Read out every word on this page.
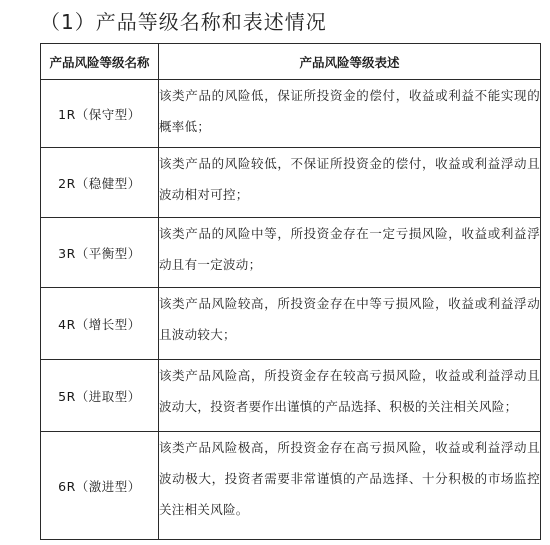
（1）产品等级名称和表述情况
产品风险等级名称	产品风险等级表述
1R（保守型）	该类产品的风险低，保证所投资金的偿付，收益或利益不能实现的概率低；
2R（稳健型）	该类产品的风险较低，不保证所投资金的偿付，收益或利益浮动且波动相对可控；
3R（平衡型）	该类产品的风险中等，所投资金存在一定亏损风险，收益或利益浮动且有一定波动；
4R（增长型）	该类产品风险较高，所投资金存在中等亏损风险，收益或利益浮动且波动较大；
5R（进取型）	该类产品风险高，所投资金存在较高亏损风险，收益或利益浮动且波动大，投资者要作出谨慎的产品选择、积极的关注相关风险；
6R（激进型）	该类产品风险极高，所投资金存在高亏损风险，收益或利益浮动且波动极大，投资者需要非常谨慎的产品选择、十分积极的市场监控关注相关风险。
